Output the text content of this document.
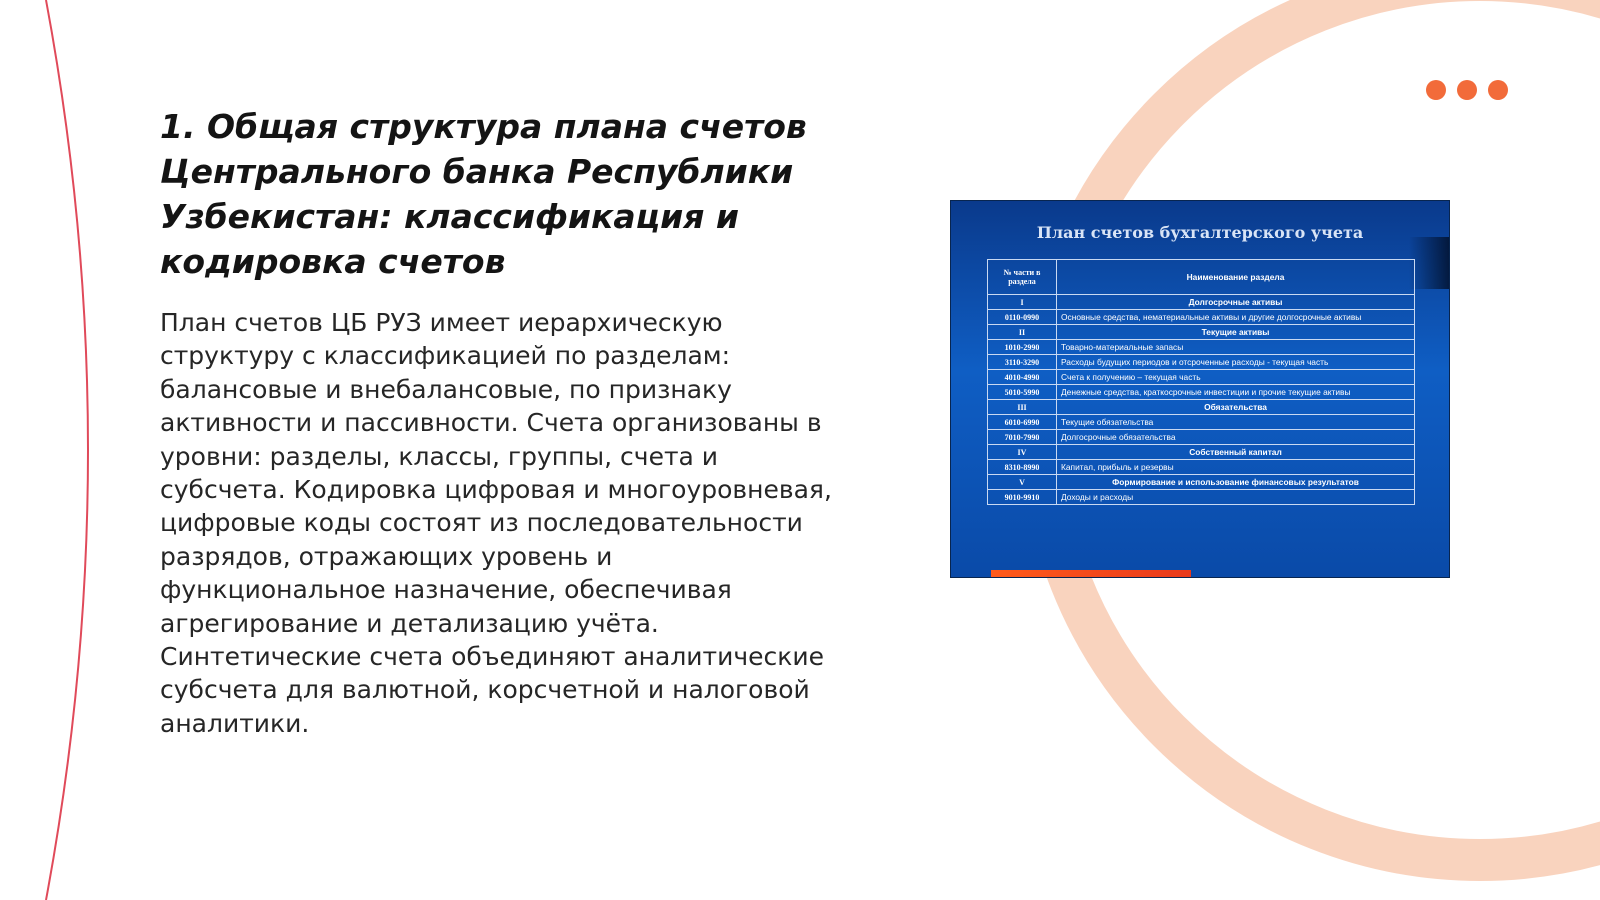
1. Общая структура плана счетов Центрального банка Республики Узбекистан: классификация и кодировка счетов

План счетов ЦБ РУЗ имеет иерархическую структуру с классификацией по разделам: балансовые и внебалансовые, по признаку активности и пассивности. Счета организованы в уровни: разделы, классы, группы, счета и субсчета. Кодировка цифровая и многоуровневая, цифровые коды состоят из последовательности разрядов, отражающих уровень и функциональное назначение, обеспечивая агрегирование и детализацию учёта. Синтетические счета объединяют аналитические субсчета для валютной, корсчетной и налоговой аналитики.

План счетов бухгалтерского учета
№ части в раздела	Наименование раздела
I	Долгосрочные активы
0110-0990	Основные средства, нематериальные активы и другие долгосрочные активы
II	Текущие активы
1010-2990	Товарно-материальные запасы
3110-3290	Расходы будущих периодов и отсроченные расходы - текущая часть
4010-4990	Счета к получению – текущая часть
5010-5990	Денежные средства, краткосрочные инвестиции и прочие текущие активы
III	Обязательства
6010-6990	Текущие обязательства
7010-7990	Долгосрочные обязательства
IV	Собственный капитал
8310-8990	Капитал, прибыль и резервы
V	Формирование и использование финансовых результатов
9010-9910	Доходы и расходы
